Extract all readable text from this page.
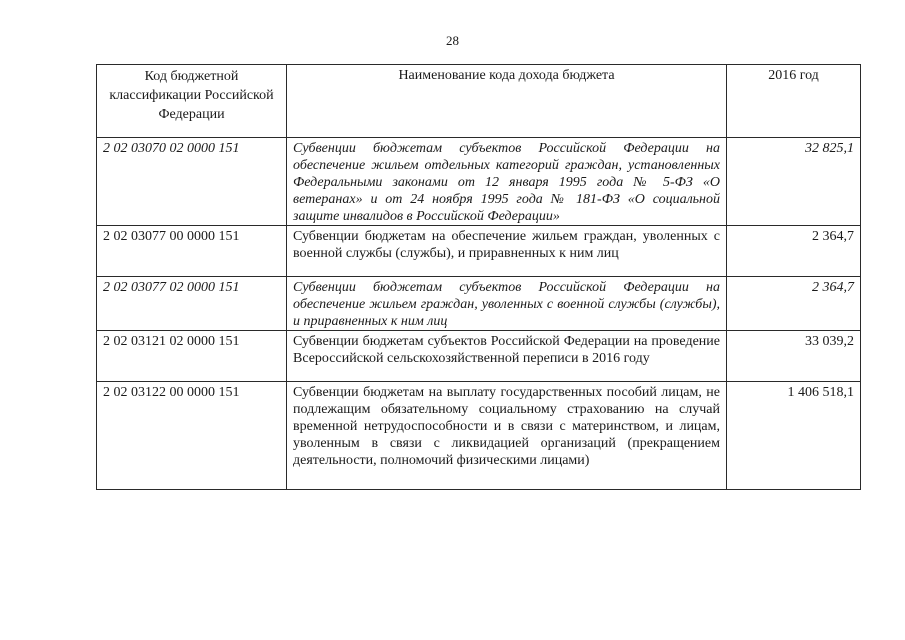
28
Код бюджетной классификации Российской Федерации	Наименование кода дохода бюджета	2016 год
2 02 03070 02 0000 151	Субвенции бюджетам субъектов Российской Федерации на обеспечение жильем отдельных категорий граждан, установленных Федеральными законами от 12 января 1995 года № 5-ФЗ «О ветеранах» и от 24 ноября 1995 года № 181-ФЗ «О социальной защите инвалидов в Российской Федерации»	32 825,1
2 02 03077 00 0000 151	Субвенции бюджетам на обеспечение жильем граждан, уволенных с военной службы (службы), и приравненных к ним лиц	2 364,7
2 02 03077 02 0000 151	Субвенции бюджетам субъектов Российской Федерации на обеспечение жильем граждан, уволенных с военной службы (службы), и приравненных к ним лиц	2 364,7
2 02 03121 02 0000 151	Субвенции бюджетам субъектов Российской Федерации на проведение Всероссийской сельскохозяйственной переписи в 2016 году	33 039,2
2 02 03122 00 0000 151	Субвенции бюджетам на выплату государственных пособий лицам, не подлежащим обязательному социальному страхованию на случай временной нетрудоспособности и в связи с материнством, и лицам, уволенным в связи с ликвидацией организаций (прекращением деятельности, полномочий физическими лицами)	1 406 518,1
